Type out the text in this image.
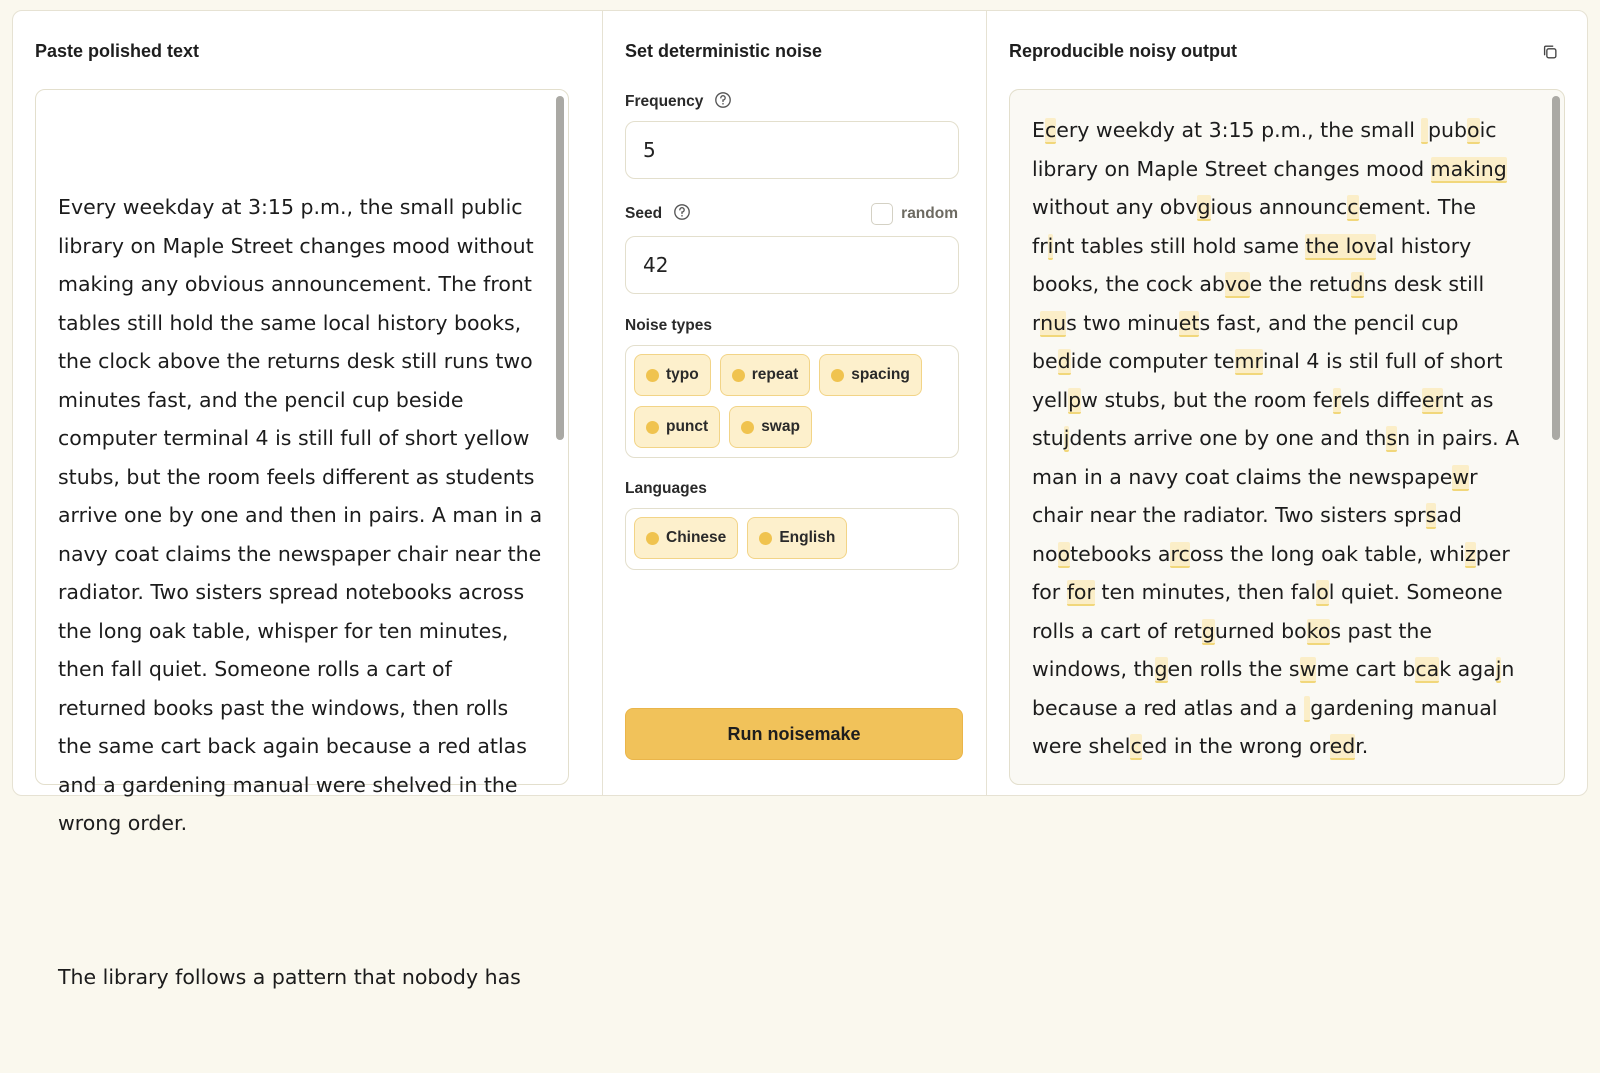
Paste polished text

Every weekday at 3:15 p.m., the small public library on Maple Street changes mood without making any obvious announcement. The front tables still hold the same local history books, the clock above the returns desk still runs two minutes fast, and the pencil cup beside computer terminal 4 is still full of short yellow stubs, but the room feels different as students arrive one by one and then in pairs. A man in a navy coat claims the newspaper chair near the radiator. Two sisters spread notebooks across the long oak table, whisper for ten minutes, then fall quiet. Someone rolls a cart of returned books past the windows, then rolls the same cart back again because a red atlas and a gardening manual were shelved in the wrong order.

The library follows a pattern that nobody has

Set deterministic noise
Frequency
5
Seed	random
42
Noise types
typo	repeat	spacing
punct	swap
Languages
Chinese	English
Run noisemake
Reproducible noisy output
Ecery weekdy at 3:15 p.m., the small  puboic library on Maple Street changes mood making without any obvgious announccement. The frint tables still hold same the loval history books, the cock abvoe the retudns desk still rnus two minuets fast, and the pencil cup bedide computer temrinal 4 is stil full of short yellpw stubs, but the room ferels diffeernt as stujdents arrive one by one and thsn in pairs. A man in a navy coat claims the newspapewr chair near the radiator. Two sisters sprsad nootebooks arcoss the long oak table, whizper for for ten minutes, then falol quiet. Someone rolls a cart of retgurned bokos past the windows, thgen rolls the swme cart bcak agajn because a red atlas and a  gardening manual were shelced in the wrong oredr.
